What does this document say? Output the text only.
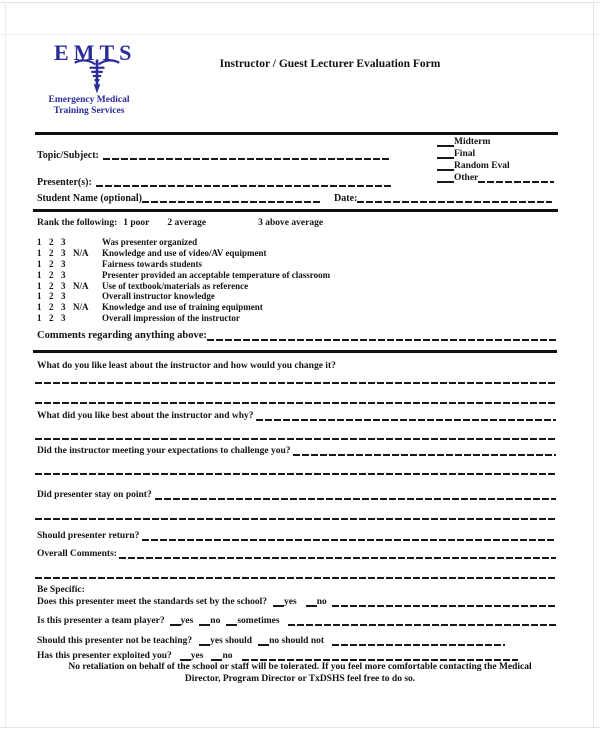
EMTS
Emergency Medical
Training Services
Instructor / Guest Lecturer Evaluation Form
Topic/Subject:
Presenter(s):
Student Name (optional)	Date:
Midterm
Final
Random Eval
Other
Rank the following: 1 poor 2 average	3 above average
1 2 3	Was presenter organized
1 2 3 N/A	Knowledge and use of video/AV equipment
1 2 3	Fairness towards students
1 2 3	Presenter provided an acceptable temperature of classroom
1 2 3 N/A	Use of textbook/materials as reference
1 2 3	Overall instructor knowledge
1 2 3 N/A	Knowledge and use of training equipment
1 2 3	Overall impression of the instructor
Comments regarding anything above:
What do you like least about the instructor and how would you change it?
What did you like best about the instructor and why?
Did the instructor meeting your expectations to challenge you?
Did presenter stay on point?
Should presenter return?
Overall Comments:
Be Specific:
Does this presenter meet the standards set by the school? yes no
Is this presenter a team player? yes no sometimes
Should this presenter not be teaching? yes should no should not
Has this presenter exploited you? yes no
No retaliation on behalf of the school or staff will be tolerated. If you feel more comfortable contacting the Medical
Director, Program Director or TxDSHS feel free to do so.
